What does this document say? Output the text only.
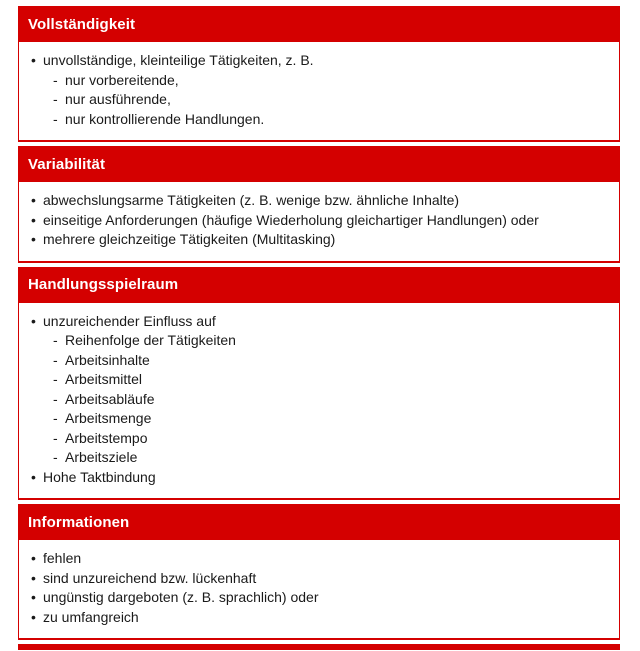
Vollständigkeit
• unvollständige, kleinteilige Tätigkeiten, z. B.
- nur vorbereitende,
- nur ausführende,
- nur kontrollierende Handlungen.
Variabilität
• abwechslungsarme Tätigkeiten (z. B. wenige bzw. ähnliche Inhalte)
• einseitige Anforderungen (häufige Wiederholung gleichartiger Handlungen) oder
• mehrere gleichzeitige Tätigkeiten (Multitasking)
Handlungsspielraum
• unzureichender Einfluss auf
- Reihenfolge der Tätigkeiten
- Arbeitsinhalte
- Arbeitsmittel
- Arbeitsabläufe
- Arbeitsmenge
- Arbeitstempo
- Arbeitsziele
• Hohe Taktbindung
Informationen
• fehlen
• sind unzureichend bzw. lückenhaft
• ungünstig dargeboten (z. B. sprachlich) oder
• zu umfangreich
